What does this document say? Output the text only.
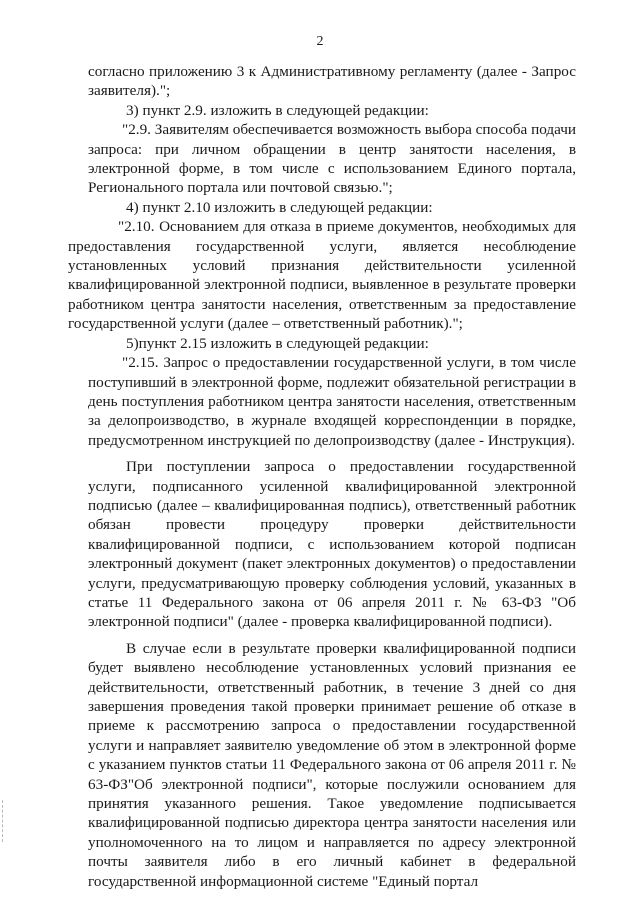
2

согласно приложению 3 к Административному регламенту (далее - Запрос заявителя).";

3) пункт 2.9. изложить в следующей редакции:

"2.9. Заявителям обеспечивается возможность выбора способа подачи запроса: при личном обращении в центр занятости населения, в электронной форме, в том числе с использованием Единого портала, Регионального портала или почтовой связью.";

4) пункт 2.10 изложить в следующей редакции:

"2.10. Основанием для отказа в приеме документов, необходимых для предоставления государственной услуги, является несоблюдение установленных условий признания действительности усиленной квалифицированной электронной подписи, выявленное в результате проверки работником центра занятости населения, ответственным за предоставление государственной услуги (далее – ответственный работник).";

5)пункт 2.15 изложить в следующей редакции:

"2.15. Запрос о предоставлении государственной услуги, в том числе поступивший в электронной форме, подлежит обязательной регистрации в день поступления работником центра занятости населения, ответственным за делопроизводство, в журнале входящей корреспонденции в порядке, предусмотренном инструкцией по делопроизводству (далее - Инструкция).

При поступлении запроса о предоставлении государственной услуги, подписанного усиленной квалифицированной электронной подписью (далее – квалифицированная подпись), ответственный работник обязан провести процедуру проверки действительности квалифицированной подписи, с использованием которой подписан электронный документ (пакет электронных документов) о предоставлении услуги, предусматривающую проверку соблюдения условий, указанных в статье 11 Федерального закона от 06 апреля 2011 г. № 63-ФЗ "Об электронной подписи" (далее - проверка квалифицированной подписи).

В случае если в результате проверки квалифицированной подписи будет выявлено несоблюдение установленных условий признания ее действительности, ответственный работник, в течение 3 дней со дня завершения проведения такой проверки принимает решение об отказе в приеме к рассмотрению запроса о предоставлении государственной услуги и направляет заявителю уведомление об этом в электронной форме с указанием пунктов статьи 11 Федерального закона от 06 апреля 2011 г. № 63-ФЗ"Об электронной подписи", которые послужили основанием для принятия указанного решения. Такое уведомление подписывается квалифицированной подписью директора центра занятости населения или уполномоченного на то лицом и направляется по адресу электронной почты заявителя либо в его личный кабинет в федеральной государственной информационной системе "Единый портал
